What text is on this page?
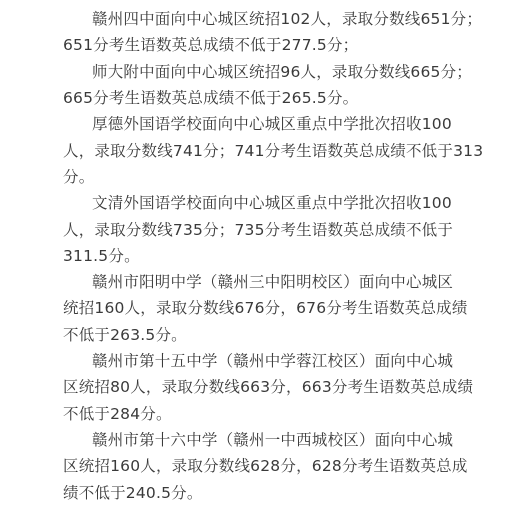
赣州四中面向中心城区统招102人，录取分数线651分；
651分考生语数英总成绩不低于277.5分；
师大附中面向中心城区统招96人，录取分数线665分；
665分考生语数英总成绩不低于265.5分。
厚德外国语学校面向中心城区重点中学批次招收100
人，录取分数线741分；741分考生语数英总成绩不低于313
分。
文清外国语学校面向中心城区重点中学批次招收100
人，录取分数线735分；735分考生语数英总成绩不低于
311.5分。
赣州市阳明中学（赣州三中阳明校区）面向中心城区
统招160人，录取分数线676分，676分考生语数英总成绩
不低于263.5分。
赣州市第十五中学（赣州中学蓉江校区）面向中心城
区统招80人，录取分数线663分，663分考生语数英总成绩
不低于284分。
赣州市第十六中学（赣州一中西城校区）面向中心城
区统招160人，录取分数线628分，628分考生语数英总成
绩不低于240.5分。
